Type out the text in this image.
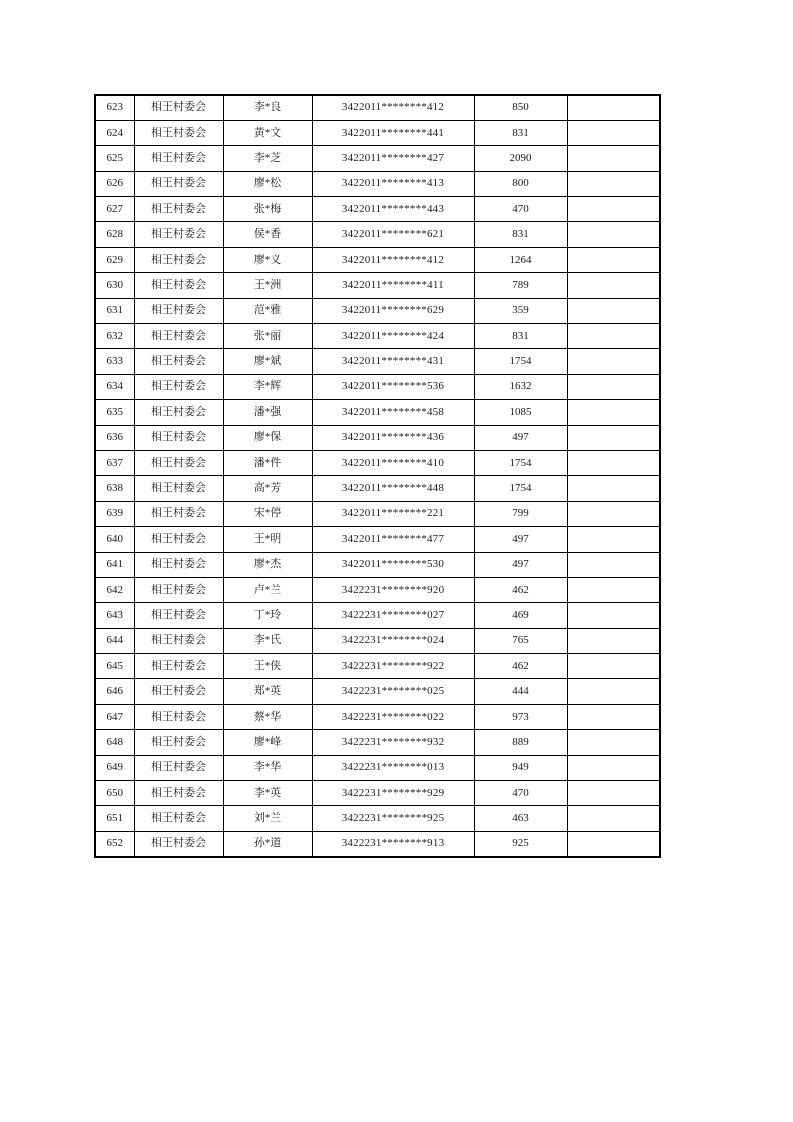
623	相王村委会	李*良	3422011********412	850	
624	相王村委会	黄*文	3422011********441	831	
625	相王村委会	李*芝	3422011********427	2090	
626	相王村委会	廖*松	3422011********413	800	
627	相王村委会	张*梅	3422011********443	470	
628	相王村委会	侯*香	3422011********621	831	
629	相王村委会	廖*义	3422011********412	1264	
630	相王村委会	王*洲	3422011********411	789	
631	相王村委会	范*雅	3422011********629	359	
632	相王村委会	张*丽	3422011********424	831	
633	相王村委会	廖*斌	3422011********431	1754	
634	相王村委会	李*辉	3422011********536	1632	
635	相王村委会	潘*强	3422011********458	1085	
636	相王村委会	廖*保	3422011********436	497	
637	相王村委会	潘*件	3422011********410	1754	
638	相王村委会	高*芳	3422011********448	1754	
639	相王村委会	宋*停	3422011********221	799	
640	相王村委会	王*明	3422011********477	497	
641	相王村委会	廖*杰	3422011********530	497	
642	相王村委会	卢*兰	3422231********920	462	
643	相王村委会	丁*玲	3422231********027	469	
644	相王村委会	李*氏	3422231********024	765	
645	相王村委会	王*侠	3422231********922	462	
646	相王村委会	郑*英	3422231********025	444	
647	相王村委会	蔡*华	3422231********022	973	
648	相王村委会	廖*峰	3422231********932	889	
649	相王村委会	李*华	3422231********013	949	
650	相王村委会	李*英	3422231********929	470	
651	相王村委会	刘*兰	3422231********925	463	
652	相王村委会	孙*道	3422231********913	925	
